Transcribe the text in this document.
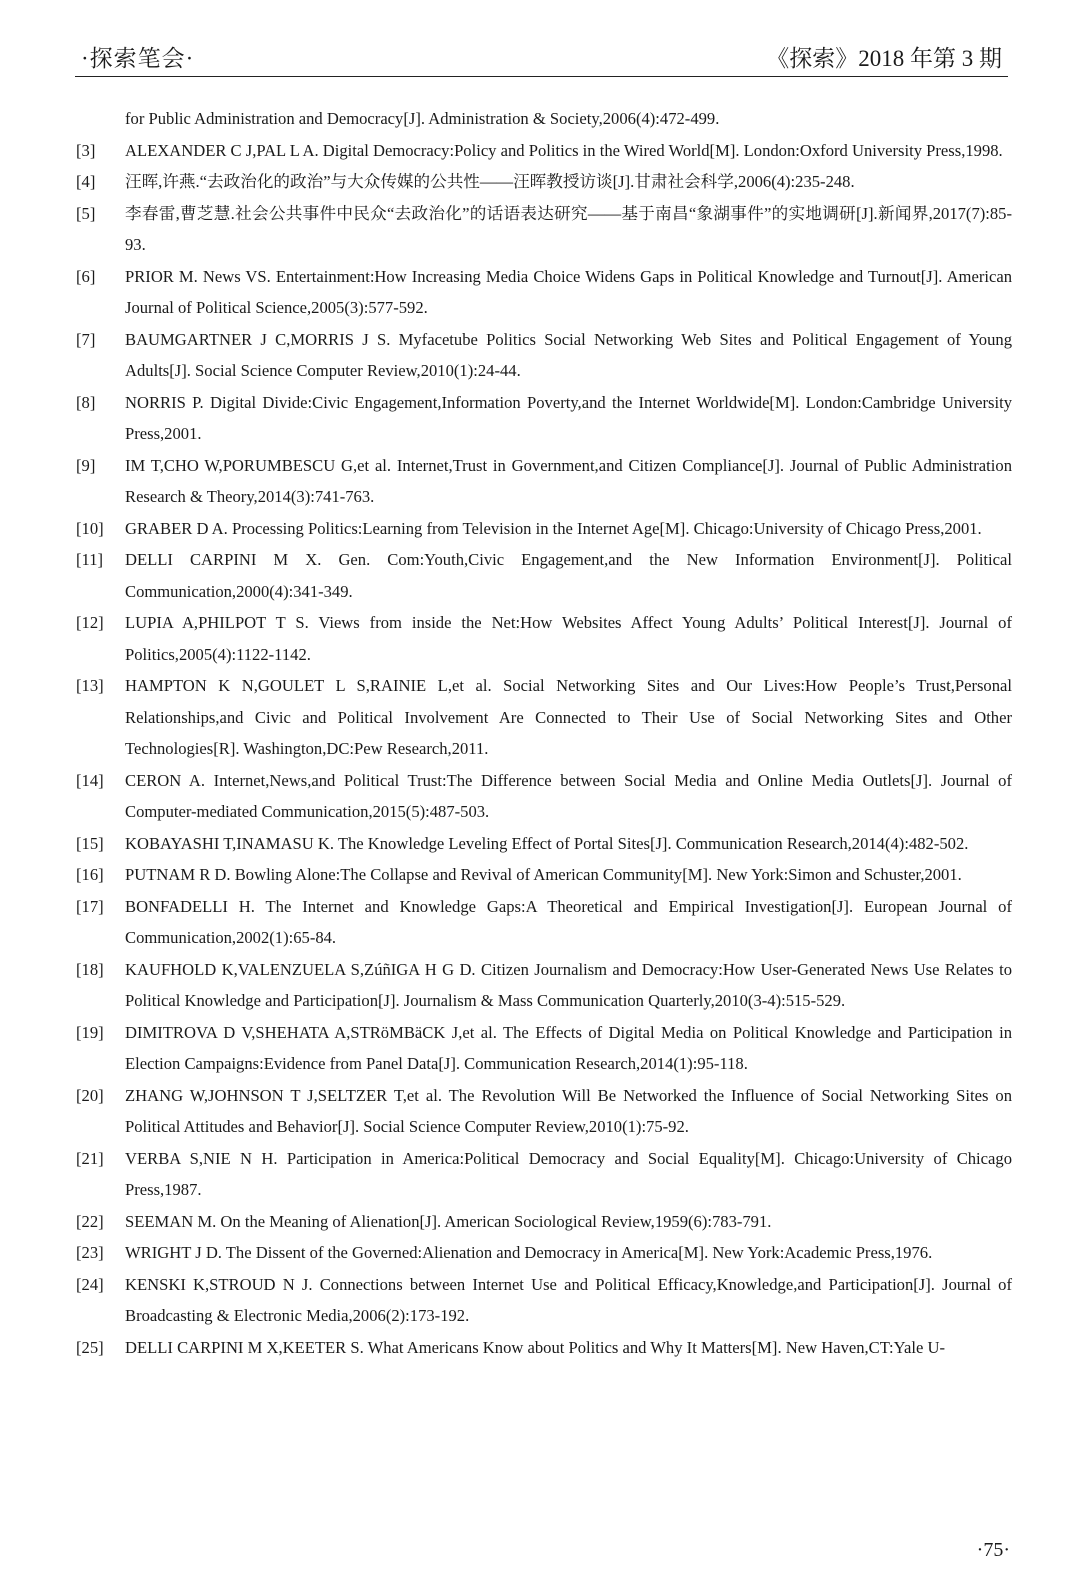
·探索笔会·	《探索》2018 年第 3 期
for Public Administration and Democracy[J]. Administration & Society,2006(4):472-499.
[3] ALEXANDER C J,PAL L A. Digital Democracy:Policy and Politics in the Wired World[M]. London:Oxford University Press,1998.
[4] 汪晖,许燕.“去政治化的政治”与大众传媒的公共性——汪晖教授访谈[J].甘肃社会科学,2006(4):235-248.
[5] 李春雷,曹芝慧.社会公共事件中民众“去政治化”的话语表达研究——基于南昌“象湖事件”的实地调研[J].新闻界,2017(7):85-93.
[6] PRIOR M. News VS. Entertainment:How Increasing Media Choice Widens Gaps in Political Knowledge and Turnout[J]. American Journal of Political Science,2005(3):577-592.
[7] BAUMGARTNER J C,MORRIS J S. Myfacetube Politics Social Networking Web Sites and Political Engagement of Young Adults[J]. Social Science Computer Review,2010(1):24-44.
[8] NORRIS P. Digital Divide:Civic Engagement,Information Poverty,and the Internet Worldwide[M]. London:Cambridge University Press,2001.
[9] IM T,CHO W,PORUMBESCU G,et al. Internet,Trust in Government,and Citizen Compliance[J]. Journal of Public Administration Research & Theory,2014(3):741-763.
[10] GRABER D A. Processing Politics:Learning from Television in the Internet Age[M]. Chicago:University of Chicago Press,2001.
[11] DELLI CARPINI M X. Gen. Com:Youth,Civic Engagement,and the New Information Environment[J]. Political Communication,2000(4):341-349.
[12] LUPIA A,PHILPOT T S. Views from inside the Net:How Websites Affect Young Adults’ Political Interest[J]. Journal of Politics,2005(4):1122-1142.
[13] HAMPTON K N,GOULET L S,RAINIE L,et al. Social Networking Sites and Our Lives:How People’s Trust,Personal Relationships,and Civic and Political Involvement Are Connected to Their Use of Social Networking Sites and Other Technologies[R]. Washington,DC:Pew Research,2011.
[14] CERON A. Internet,News,and Political Trust:The Difference between Social Media and Online Media Outlets[J]. Journal of Computer-mediated Communication,2015(5):487-503.
[15] KOBAYASHI T,INAMASU K. The Knowledge Leveling Effect of Portal Sites[J]. Communication Research,2014(4):482-502.
[16] PUTNAM R D. Bowling Alone:The Collapse and Revival of American Community[M]. New York:Simon and Schuster,2001.
[17] BONFADELLI H. The Internet and Knowledge Gaps:A Theoretical and Empirical Investigation[J]. European Journal of Communication,2002(1):65-84.
[18] KAUFHOLD K,VALENZUELA S,ZúñIGA H G D. Citizen Journalism and Democracy:How User-Generated News Use Relates to Political Knowledge and Participation[J]. Journalism & Mass Communication Quarterly,2010(3-4):515-529.
[19] DIMITROVA D V,SHEHATA A,STRöMBäCK J,et al. The Effects of Digital Media on Political Knowledge and Participation in Election Campaigns:Evidence from Panel Data[J]. Communication Research,2014(1):95-118.
[20] ZHANG W,JOHNSON T J,SELTZER T,et al. The Revolution Will Be Networked the Influence of Social Networking Sites on Political Attitudes and Behavior[J]. Social Science Computer Review,2010(1):75-92.
[21] VERBA S,NIE N H. Participation in America:Political Democracy and Social Equality[M]. Chicago:University of Chicago Press,1987.
[22] SEEMAN M. On the Meaning of Alienation[J]. American Sociological Review,1959(6):783-791.
[23] WRIGHT J D. The Dissent of the Governed:Alienation and Democracy in America[M]. New York:Academic Press,1976.
[24] KENSKI K,STROUD N J. Connections between Internet Use and Political Efficacy,Knowledge,and Participation[J]. Journal of Broadcasting & Electronic Media,2006(2):173-192.
[25] DELLI CARPINI M X,KEETER S. What Americans Know about Politics and Why It Matters[M]. New Haven,CT:Yale U-
·75·
